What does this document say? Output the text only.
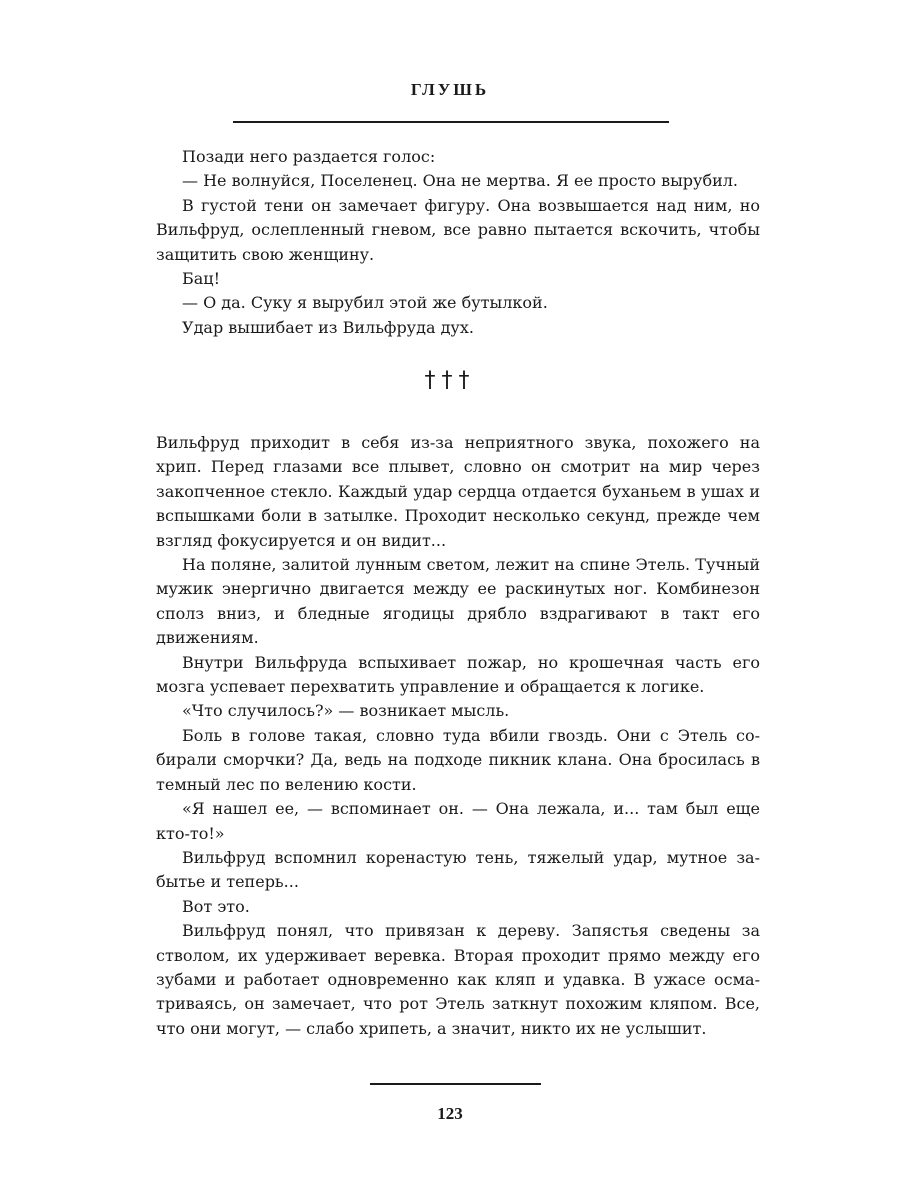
ГЛУШЬ

Позади него раздается голос:

— Не волнуйся, Поселенец. Она не мертва. Я ее просто вырубил.

В густой тени он замечает фигуру. Она возвышается над ним, но Вильфруд, ослепленный гневом, все равно пытается вскочить, чтобы защитить свою женщину.

Бац!

— О да. Суку я вырубил этой же бутылкой.

Удар вышибает из Вильфруда дух.

†††

Вильфруд приходит в себя из-за неприятного звука, похожего на хрип. Перед глазами все плывет, словно он смотрит на мир через закопченное стекло. Каждый удар сердца отдается буханьем в ушах и вспышками боли в затылке. Проходит несколько секунд, прежде чем взгляд фокусируется и он видит...

На поляне, залитой лунным светом, лежит на спине Этель. Тучный мужик энергично двигается между ее раскинутых ног. Комбинезон сполз вниз, и бледные ягодицы дрябло вздрагивают в такт его движениям.

Внутри Вильфруда вспыхивает пожар, но крошечная часть его мозга успевает перехватить управление и обращается к логике.

«Что случилось?» — возникает мысль.

Боль в голове такая, словно туда вбили гвоздь. Они с Этель собирали сморчки? Да, ведь на подходе пикник клана. Она бросилась в темный лес по велению кости.

«Я нашел ее, — вспоминает он. — Она лежала, и... там был еще кто-то!»

Вильфруд вспомнил коренастую тень, тяжелый удар, мутное забытье и теперь...

Вот это.

Вильфруд понял, что привязан к дереву. Запястья сведены за стволом, их удерживает веревка. Вторая проходит прямо между его зубами и работает одновременно как кляп и удавка. В ужасе осматриваясь, он замечает, что рот Этель заткнут похожим кляпом. Все, что они могут, — слабо хрипеть, а значит, никто их не услышит.

123
